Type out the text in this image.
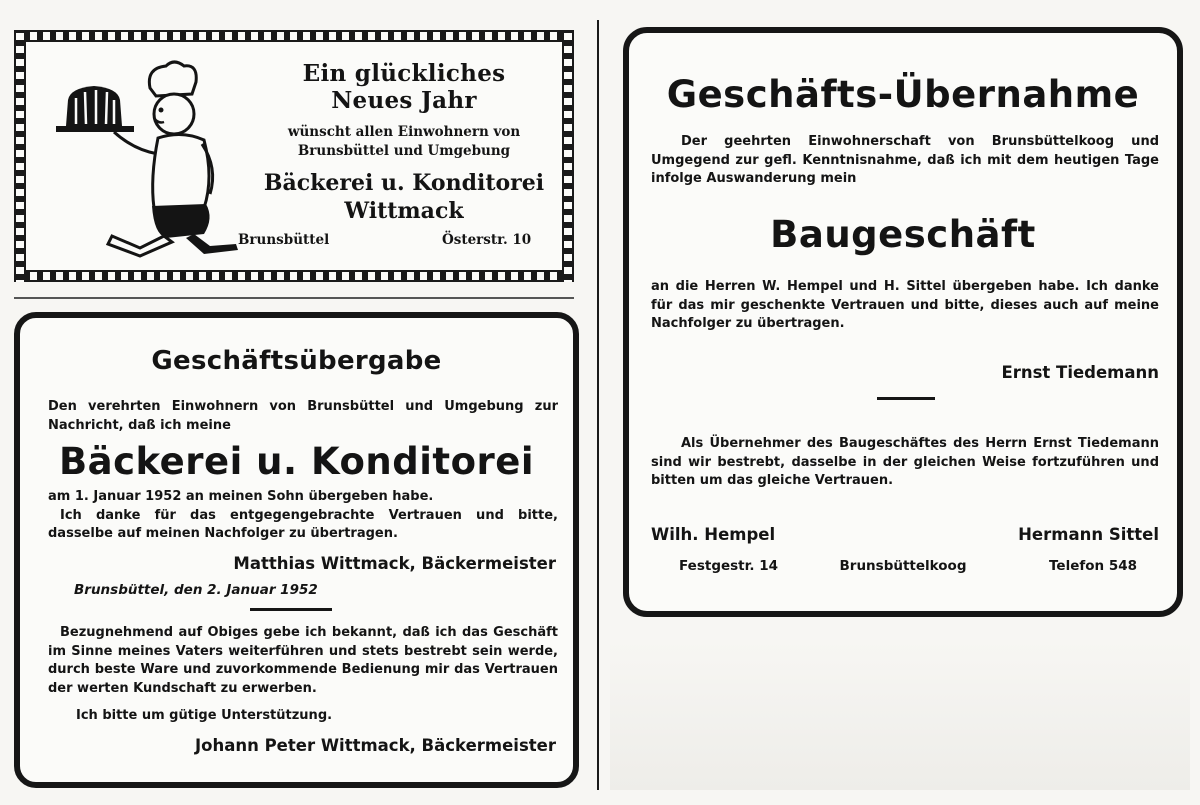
Ein glückliches
Neues Jahr
wünscht allen Einwohnern von
Brunsbüttel und Umgebung
Bäckerei u. Konditorei
Wittmack
Brunsbüttel	Österstr. 10
Geschäftsübergabe
Den verehrten Einwohnern von Brunsbüttel und Umgebung zur Nachricht, daß ich meine
Bäckerei u. Konditorei
am 1. Januar 1952 an meinen Sohn übergeben habe.
Ich danke für das entgegengebrachte Vertrauen und bitte, dasselbe auf meinen Nachfolger zu übertragen.
Matthias Wittmack, Bäckermeister
Brunsbüttel, den 2. Januar 1952
Bezugnehmend auf Obiges gebe ich bekannt, daß ich das Geschäft im Sinne meines Vaters weiterführen und stets bestrebt sein werde, durch beste Ware und zuvorkommende Bedienung mir das Vertrauen der werten Kundschaft zu erwerben.
Ich bitte um gütige Unterstützung.
Johann Peter Wittmack, Bäckermeister
Geschäfts-Übernahme
Der geehrten Einwohnerschaft von Brunsbüttelkoog und Umgegend zur gefl. Kenntnisnahme, daß ich mit dem heutigen Tage infolge Auswanderung mein
Baugeschäft
an die Herren W. Hempel und H. Sittel übergeben habe. Ich danke für das mir geschenkte Vertrauen und bitte, dieses auch auf meine Nachfolger zu übertragen.
Ernst Tiedemann
Als Übernehmer des Baugeschäftes des Herrn Ernst Tiedemann sind wir bestrebt, dasselbe in der gleichen Weise fortzuführen und bitten um das gleiche Vertrauen.
Wilh. Hempel	Hermann Sittel
Festgestr. 14	Brunsbüttelkoog	Telefon 548
